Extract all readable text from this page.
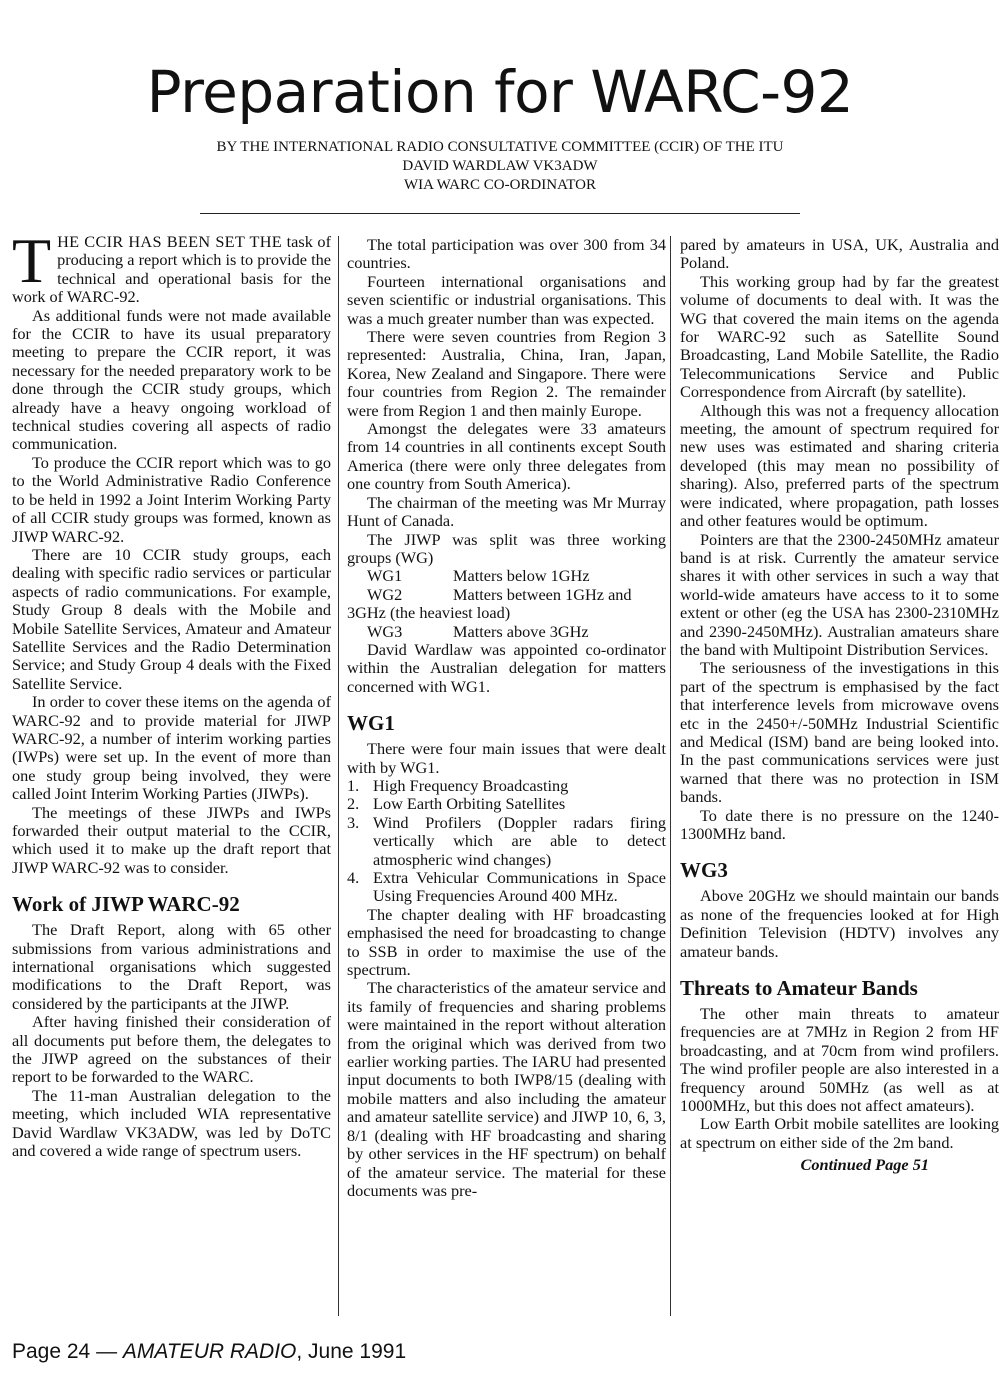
Preparation for WARC-92
BY THE INTERNATIONAL RADIO CONSULTATIVE COMMITTEE (CCIR) OF THE ITU
DAVID WARDLAW VK3ADW
WIA WARC CO-ORDINATOR

THE CCIR HAS BEEN SET THE task of producing a report which is to provide the technical and operational basis for the work of WARC-92.

As additional funds were not made available for the CCIR to have its usual preparatory meeting to prepare the CCIR report, it was necessary for the needed preparatory work to be done through the CCIR study groups, which already have a heavy ongoing workload of technical studies covering all aspects of radio communication.

To produce the CCIR report which was to go to the World Administrative Radio Conference to be held in 1992 a Joint Interim Working Party of all CCIR study groups was formed, known as JIWP WARC-92.

There are 10 CCIR study groups, each dealing with specific radio services or particular aspects of radio communications. For example, Study Group 8 deals with the Mobile and Mobile Satellite Services, Amateur and Amateur Satellite Services and the Radio Determination Service; and Study Group 4 deals with the Fixed Satellite Service.

In order to cover these items on the agenda of WARC-92 and to provide material for JIWP WARC-92, a number of interim working parties (IWPs) were set up. In the event of more than one study group being involved, they were called Joint Interim Working Parties (JIWPs).

The meetings of these JIWPs and IWPs forwarded their output material to the CCIR, which used it to make up the draft report that JIWP WARC-92 was to consider.

Work of JIWP WARC-92

The Draft Report, along with 65 other submissions from various administrations and international organisations which suggested modifications to the Draft Report, was considered by the participants at the JIWP.

After having finished their consideration of all documents put before them, the delegates to the JIWP agreed on the substances of their report to be forwarded to the WARC.

The 11-man Australian delegation to the meeting, which included WIA representative David Wardlaw VK3ADW, was led by DoTC and covered a wide range of spectrum users.

The total participation was over 300 from 34 countries.

Fourteen international organisations and seven scientific or industrial organisations. This was a much greater number than was expected.

There were seven countries from Region 3 represented: Australia, China, Iran, Japan, Korea, New Zealand and Singapore. There were four countries from Region 2. The remainder were from Region 1 and then mainly Europe.

Amongst the delegates were 33 amateurs from 14 countries in all continents except South America (there were only three delegates from one country from South America).

The chairman of the meeting was Mr Murray Hunt of Canada.

The JIWP was split was three working groups (WG)

WG1	Matters below 1GHz
WG2	Matters between 1GHz and
3GHz (the heaviest load)
WG3	Matters above 3GHz

David Wardlaw was appointed co-ordinator within the Australian delegation for matters concerned with WG1.

WG1

There were four main issues that were dealt with by WG1.

1. High Frequency Broadcasting
2. Low Earth Orbiting Satellites
3. Wind Profilers (Doppler radars firing vertically which are able to detect atmospheric wind changes)
4. Extra Vehicular Communications in Space Using Frequencies Around 400 MHz.

The chapter dealing with HF broadcasting emphasised the need for broadcasting to change to SSB in order to maximise the use of the spectrum.

The characteristics of the amateur service and its family of frequencies and sharing problems were maintained in the report without alteration from the original which was derived from two earlier working parties. The IARU had presented input documents to both IWP8/15 (dealing with mobile matters and also including the amateur and amateur satellite service) and JIWP 10, 6, 3, 8/1 (dealing with HF broadcasting and sharing by other services in the HF spectrum) on behalf of the amateur service. The material for these documents was pre-

pared by amateurs in USA, UK, Australia and Poland.

This working group had by far the greatest volume of documents to deal with. It was the WG that covered the main items on the agenda for WARC-92 such as Satellite Sound Broadcasting, Land Mobile Satellite, the Radio Telecommunications Service and Public Correspondence from Aircraft (by satellite).

Although this was not a frequency allocation meeting, the amount of spectrum required for new uses was estimated and sharing criteria developed (this may mean no possibility of sharing). Also, preferred parts of the spectrum were indicated, where propagation, path losses and other features would be optimum.

Pointers are that the 2300-2450MHz amateur band is at risk. Currently the amateur service shares it with other services in such a way that world-wide amateurs have access to it to some extent or other (eg the USA has 2300-2310MHz and 2390-2450MHz). Australian amateurs share the band with Multipoint Distribution Services.

The seriousness of the investigations in this part of the spectrum is emphasised by the fact that interference levels from microwave ovens etc in the 2450+/-50MHz Industrial Scientific and Medical (ISM) band are being looked into. In the past communications services were just warned that there was no protection in ISM bands.

To date there is no pressure on the 1240-1300MHz band.

WG3

Above 20GHz we should maintain our bands as none of the frequencies looked at for High Definition Television (HDTV) involves any amateur bands.

Threats to Amateur Bands

The other main threats to amateur frequencies are at 7MHz in Region 2 from HF broadcasting, and at 70cm from wind profilers. The wind profiler people are also interested in a frequency around 50MHz (as well as at 1000MHz, but this does not affect amateurs).

Low Earth Orbit mobile satellites are looking at spectrum on either side of the 2m band.

Continued Page 51
Page 24 — AMATEUR RADIO, June 1991
